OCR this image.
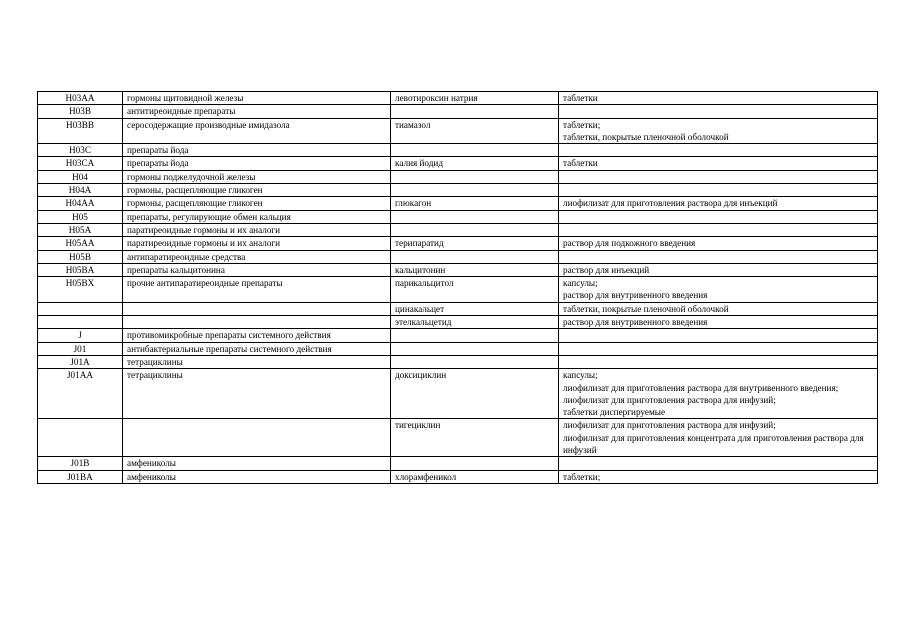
H03AA	гормоны щитовидной железы	левотироксин натрия	таблетки

H03B	антитиреоидные препараты		
H03BB	серосодержащие производные имидазола	тиамазол	таблетки;
таблетки, покрытые пленочной оболочкой

H03C	препараты йода		
H03CA	препараты йода	калия йодид	таблетки

H04	гормоны поджелудочной железы		
H04A	гормоны, расщепляющие гликоген		
H04AA	гормоны, расщепляющие гликоген	глюкагон	лиофилизат для приготовления раствора для инъекций

H05	препараты, регулирующие обмен кальция		
H05A	паратиреоидные гормоны и их аналоги		
H05AA	паратиреоидные гормоны и их аналоги	терипаратид	раствор для подкожного введения

H05B	антипаратиреоидные средства		
H05BA	препараты кальцитонина	кальцитонин	раствор для инъекций

H05BX	прочие антипаратиреоидные препараты	парикальцитол	капсулы;
раствор для внутривенного введения

		цинакальцет	таблетки, покрытые пленочной оболочкой

		этелкальцетид	раствор для внутривенного введения

J	противомикробные препараты системного действия		
J01	антибактериальные препараты системного действия		
J01A	тетрациклины		
J01AA	тетрациклины	доксициклин	капсулы;
лиофилизат для приготовления раствора для внутривенного введения;
лиофилизат для приготовления раствора для инфузий;
таблетки диспергируемые

		тигециклин	лиофилизат для приготовления раствора для инфузий;
лиофилизат для приготовления концентрата для приготовления раствора для инфузий

J01B	амфениколы		
J01BA	амфениколы	хлорамфеникол	таблетки;
